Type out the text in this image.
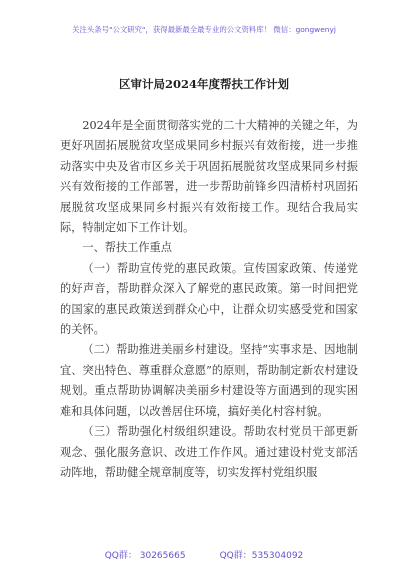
关注头条号"公文研究"，获得最新最全最专业的公文资料库！ 微信：gongwenyj
区审计局2024年度帮扶工作计划

2024年是全面贯彻落实党的二十大精神的关键之年，为更好巩固拓展脱贫攻坚成果同乡村振兴有效衔接，进一步推动落实中央及省市区乡关于巩固拓展脱贫攻坚成果同乡村振兴有效衔接的工作部署，进一步帮助前锋乡四清桥村巩固拓展脱贫攻坚成果同乡村振兴有效衔接工作。现结合我局实际，特制定如下工作计划。

一、帮扶工作重点

（一）帮助宣传党的惠民政策。宣传国家政策、传递党的好声音，帮助群众深入了解党的惠民政策。第一时间把党的国家的惠民政策送到群众心中，让群众切实感受党和国家的关怀。

（二）帮助推进美丽乡村建设。坚持“实事求是、因地制宜、突出特色、尊重群众意愿”的原则，帮助制定新农村建设规划。重点帮助协调解决美丽乡村建设等方面遇到的现实困难和具体问题，以改善居住环境，搞好美化村容村貌。

（三）帮助强化村级组织建设。帮助农村党员干部更新观念、强化服务意识、改进工作作风。通过建设村党支部活动阵地，帮助健全规章制度等，切实发挥村党组织服

QQ群： 30265665	QQ群：535304092
